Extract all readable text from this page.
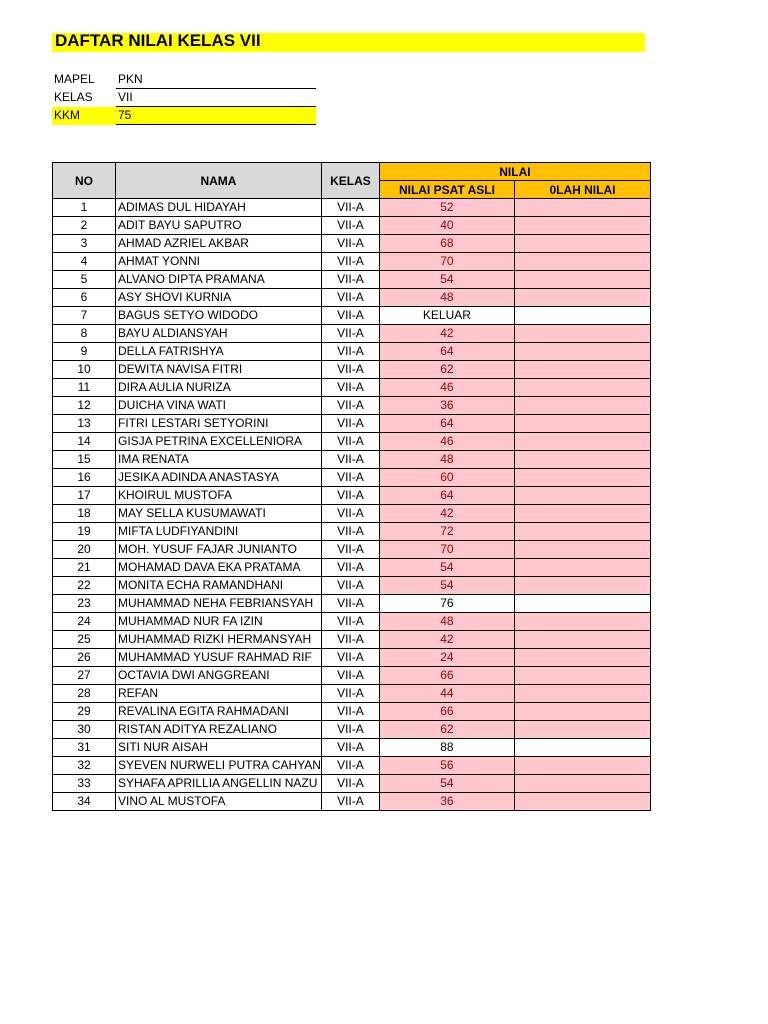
DAFTAR NILAI KELAS VII
MAPEL	PKN
KELAS	VII
KKM	75
NO	NAMA	KELAS	NILAI	
			NILAI PSAT ASLI	0LAH NILAI
1	ADIMAS DUL HIDAYAH	VII-A	52	
2	ADIT BAYU SAPUTRO	VII-A	40	
3	AHMAD AZRIEL AKBAR	VII-A	68	
4	AHMAT YONNI	VII-A	70	
5	ALVANO DIPTA PRAMANA	VII-A	54	
6	ASY SHOVI KURNIA	VII-A	48	
7	BAGUS SETYO WIDODO	VII-A	KELUAR	
8	BAYU ALDIANSYAH	VII-A	42	
9	DELLA FATRISHYA	VII-A	64	
10	DEWITA NAVISA FITRI	VII-A	62	
11	DIRA AULIA NURIZA	VII-A	46	
12	DUICHA VINA WATI	VII-A	36	
13	FITRI LESTARI SETYORINI	VII-A	64	
14	GISJA PETRINA EXCELLENIORA	VII-A	46	
15	IMA RENATA	VII-A	48	
16	JESIKA ADINDA ANASTASYA	VII-A	60	
17	KHOIRUL MUSTOFA	VII-A	64	
18	MAY SELLA KUSUMAWATI	VII-A	42	
19	MIFTA LUDFIYANDINI	VII-A	72	
20	MOH. YUSUF FAJAR JUNIANTO	VII-A	70	
21	MOHAMAD DAVA EKA PRATAMA	VII-A	54	
22	MONITA ECHA RAMANDHANI	VII-A	54	
23	MUHAMMAD NEHA FEBRIANSYAH	VII-A	76	
24	MUHAMMAD NUR FA IZIN	VII-A	48	
25	MUHAMMAD RIZKI HERMANSYAH	VII-A	42	
26	MUHAMMAD YUSUF RAHMAD RIF	VII-A	24	
27	OCTAVIA DWI ANGGREANI	VII-A	66	
28	REFAN	VII-A	44	
29	REVALINA EGITA RAHMADANI	VII-A	66	
30	RISTAN ADITYA REZALIANO	VII-A	62	
31	SITI NUR AISAH	VII-A	88	
32	SYEVEN NURWELI PUTRA CAHYAN	VII-A	56	
33	SYHAFA APRILLIA ANGELLIN NAZU	VII-A	54	
34	VINO AL MUSTOFA	VII-A	36	
